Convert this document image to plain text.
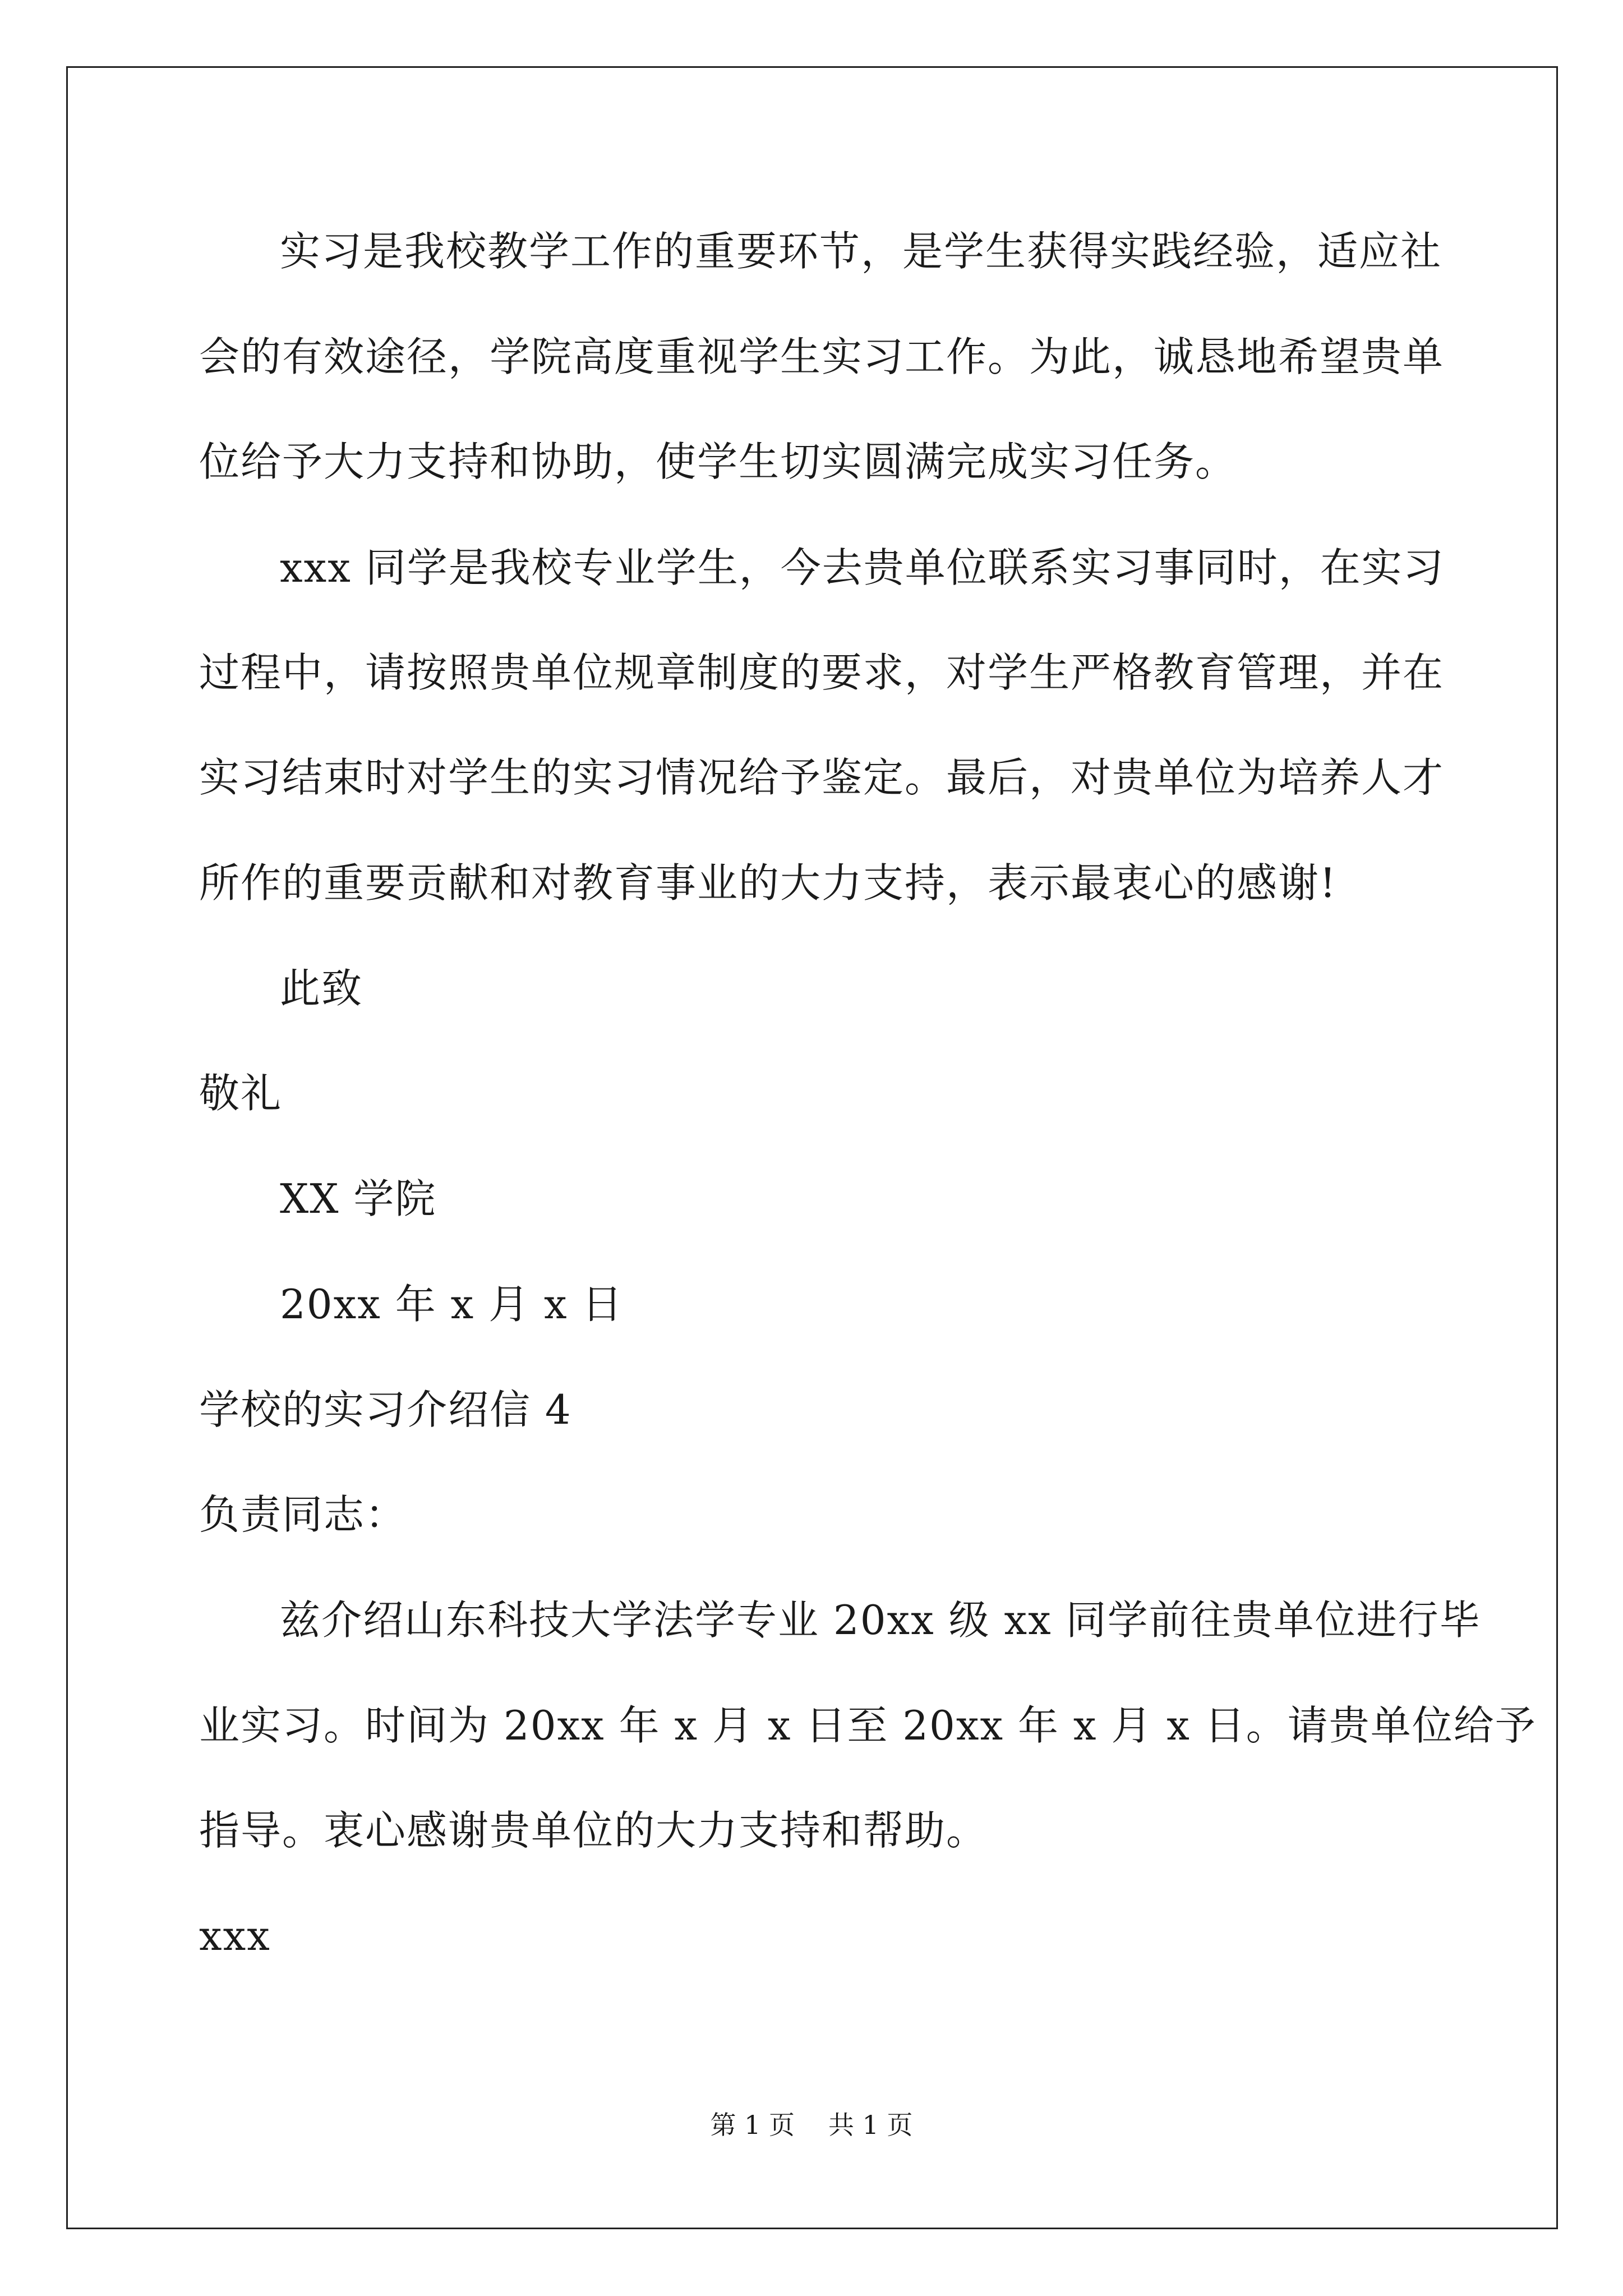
实习是我校教学工作的重要环节，是学生获得实践经验，适应社
会的有效途径，学院高度重视学生实习工作。为此，诚恳地希望贵单
位给予大力支持和协助，使学生切实圆满完成实习任务。
xxx 同学是我校专业学生，今去贵单位联系实习事同时，在实习
过程中，请按照贵单位规章制度的要求，对学生严格教育管理，并在
实习结束时对学生的实习情况给予鉴定。最后，对贵单位为培养人才
所作的重要贡献和对教育事业的大力支持，表示最衷心的感谢!
此致
敬礼
XX 学院
20xx 年 x 月 x 日
学校的实习介绍信 4
负责同志：
兹介绍山东科技大学法学专业 20xx 级 xx 同学前往贵单位进行毕
业实习。时间为 20xx 年 x 月 x 日至 20xx 年 x 月 x 日。请贵单位给予
指导。衷心感谢贵单位的大力支持和帮助。
xxx
第 1 页 共 1 页
